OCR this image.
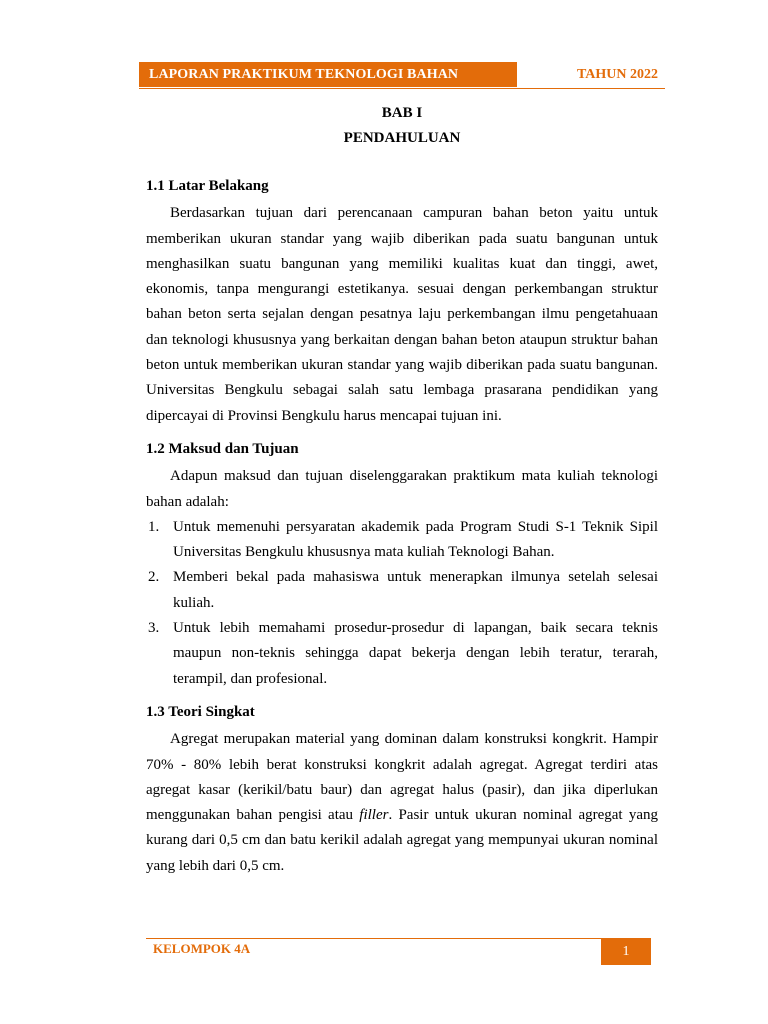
LAPORAN PRAKTIKUM TEKNOLOGI BAHAN	TAHUN 2022
BAB I
PENDAHULUAN
1.1 Latar Belakang

Berdasarkan tujuan dari perencanaan campuran bahan beton yaitu untuk memberikan ukuran standar yang wajib diberikan pada suatu bangunan untuk menghasilkan suatu bangunan yang memiliki kualitas kuat dan tinggi, awet, ekonomis, tanpa mengurangi estetikanya. sesuai dengan perkembangan struktur bahan beton serta sejalan dengan pesatnya laju perkembangan ilmu pengetahuaan dan teknologi khususnya yang berkaitan dengan bahan beton ataupun struktur bahan beton untuk memberikan ukuran standar yang wajib diberikan pada suatu bangunan. Universitas Bengkulu sebagai salah satu lembaga prasarana pendidikan yang dipercayai di Provinsi Bengkulu harus mencapai tujuan ini.

1.2 Maksud dan Tujuan

Adapun maksud dan tujuan diselenggarakan praktikum mata kuliah teknologi bahan adalah:

1. Untuk memenuhi persyaratan akademik pada Program Studi S-1 Teknik Sipil Universitas Bengkulu khususnya mata kuliah Teknologi Bahan.
2. Memberi bekal pada mahasiswa untuk menerapkan ilmunya setelah selesai kuliah.
3. Untuk lebih memahami prosedur-prosedur di lapangan, baik secara teknis maupun non-teknis sehingga dapat bekerja dengan lebih teratur, terarah, terampil, dan profesional.
1.3 Teori Singkat

Agregat merupakan material yang dominan dalam konstruksi kongkrit. Hampir 70% - 80% lebih berat konstruksi kongkrit adalah agregat. Agregat terdiri atas agregat kasar (kerikil/batu baur) dan agregat halus (pasir), dan jika diperlukan menggunakan bahan pengisi atau filler. Pasir untuk ukuran nominal agregat yang kurang dari 0,5 cm dan batu kerikil adalah agregat yang mempunyai ukuran nominal yang lebih dari 0,5 cm.

KELOMPOK 4A	1
